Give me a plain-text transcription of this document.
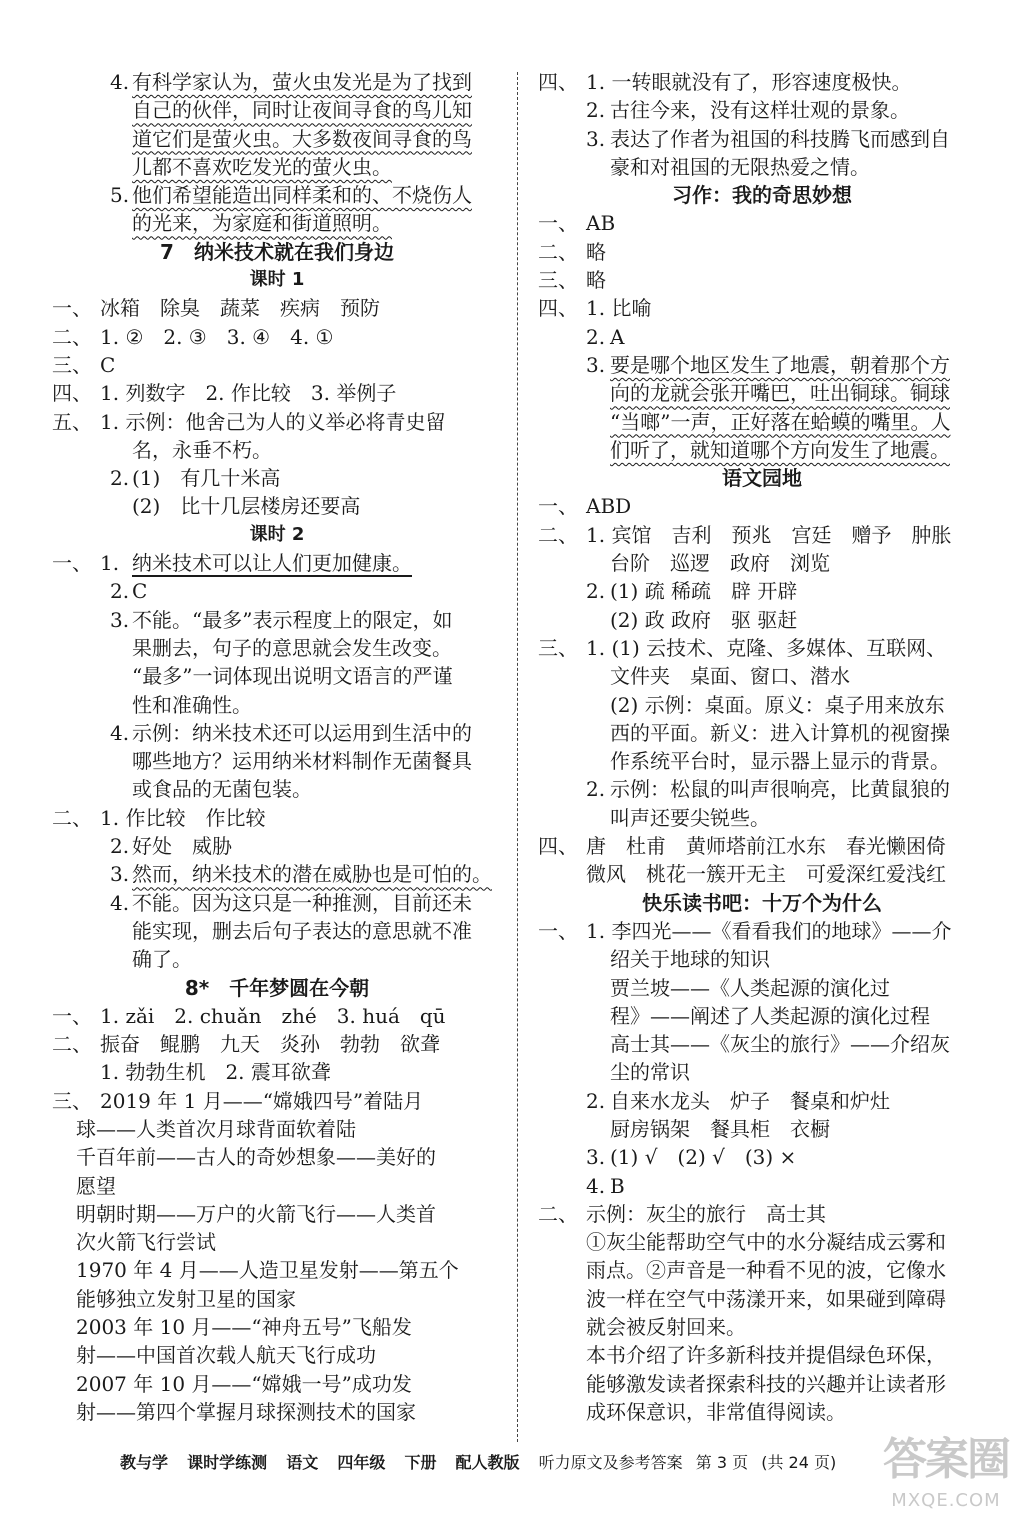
4. 有科学家认为，萤火虫发光是为了找到
自己的伙伴，同时让夜间寻食的鸟儿知
道它们是萤火虫。大多数夜间寻食的鸟
儿都不喜欢吃发光的萤火虫。
5. 他们希望能造出同样柔和的、不烧伤人
的光来，为家庭和街道照明。
7　纳米技术就在我们身边
课时 1
一、 冰箱　除臭　蔬菜　疾病　预防
二、 1. ②　2. ③　3. ④　4. ①
三、 C
四、 1. 列数字　2. 作比较　3. 举例子
五、 1. 示例：他舍己为人的义举必将青史留
名，永垂不朽。
2. (1)　有几十米高
(2)　比十几层楼房还要高
课时 2
一、 1. 纳米技术可以让人们更加健康。
2. C
3. 不能。“最多”表示程度上的限定，如
果删去，句子的意思就会发生改变。
“最多”一词体现出说明文语言的严谨
性和准确性。
4. 示例：纳米技术还可以运用到生活中的
哪些地方？运用纳米材料制作无菌餐具
或食品的无菌包装。
二、 1. 作比较　作比较
2. 好处　威胁
3. 然而，纳米技术的潜在威胁也是可怕的。
4. 不能。因为这只是一种推测，目前还未
能实现，删去后句子表达的意思就不准
确了。
8*　千年梦圆在今朝
一、 1. zǎi　2. chuǎn　zhé　3. huá　qū
二、 振奋　鲲鹏　九天　炎孙　勃勃　欲聋
1. 勃勃生机　2. 震耳欲聋
三、 2019 年 1 月——“嫦娥四号”着陆月
球——人类首次月球背面软着陆
千百年前——古人的奇妙想象——美好的
愿望
明朝时期——万户的火箭飞行——人类首
次火箭飞行尝试
1970 年 4 月——人造卫星发射——第五个
能够独立发射卫星的国家
2003 年 10 月——“神舟五号”飞船发
射——中国首次载人航天飞行成功
2007 年 10 月——“嫦娥一号”成功发
射——第四个掌握月球探测技术的国家
四、 1. 一转眼就没有了，形容速度极快。
2. 古往今来，没有这样壮观的景象。
3. 表达了作者为祖国的科技腾飞而感到自
豪和对祖国的无限热爱之情。
习作：我的奇思妙想
一、 AB
二、 略
三、 略
四、 1. 比喻
2. A
3. 要是哪个地区发生了地震，朝着那个方
向的龙就会张开嘴巴，吐出铜球。铜球
“当啷”一声，正好落在蛤蟆的嘴里。人
们听了，就知道哪个方向发生了地震。
语文园地
一、 ABD
二、 1. 宾馆　吉利　预兆　宫廷　赠予　肿胀
台阶　巡逻　政府　浏览
2. (1) 疏 稀疏　辟 开辟
(2) 政 政府　驱 驱赶
三、 1. (1) 云技术、克隆、多媒体、互联网、
文件夹　桌面、窗口、潜水
(2) 示例：桌面。原义：桌子用来放东
西的平面。新义：进入计算机的视窗操
作系统平台时，显示器上显示的背景。
2. 示例：松鼠的叫声很响亮，比黄鼠狼的
叫声还要尖锐些。
四、 唐　杜甫　黄师塔前江水东　春光懒困倚
微风　桃花一簇开无主　可爱深红爱浅红
快乐读书吧：十万个为什么
一、 1. 李四光——《看看我们的地球》——介
绍关于地球的知识
贾兰坡——《人类起源的演化过
程》——阐述了人类起源的演化过程
高士其——《灰尘的旅行》——介绍灰
尘的常识
2. 自来水龙头　炉子　餐桌和炉灶
厨房锅架　餐具柜　衣橱
3. (1) √　(2) √　(3) ×
4. B
二、 示例：灰尘的旅行　高士其
①灰尘能帮助空气中的水分凝结成云雾和
雨点。②声音是一种看不见的波，它像水
波一样在空气中荡漾开来，如果碰到障碍
就会被反射回来。
本书介绍了许多新科技并提倡绿色环保，
能够激发读者探索科技的兴趣并让读者形
成环保意识，非常值得阅读。
教与学 课时学练测 语文 四年级 下册 配人教版 听力原文及参考答案 第 3 页 (共 24 页)	答案圈
MXQE.COM
